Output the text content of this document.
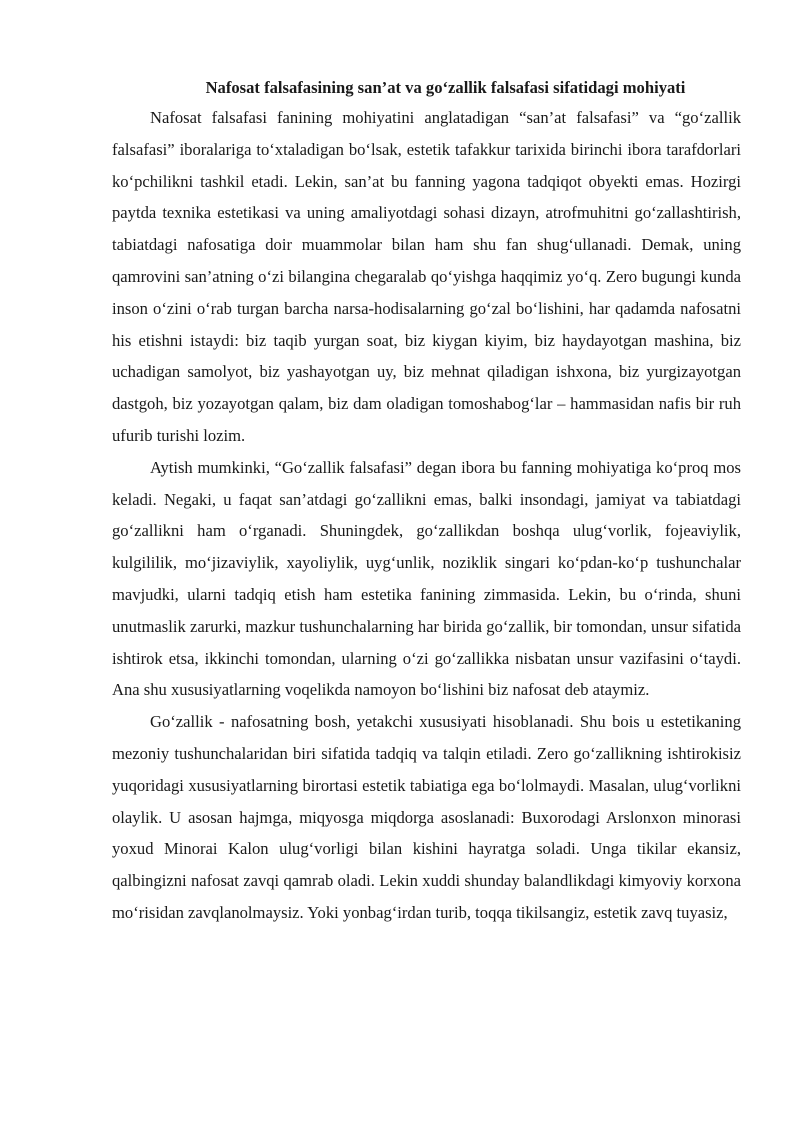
Nafosat falsafasining san’at va go‘zallik falsafasi sifatidagi mohiyati

Nafosat falsafasi fanining mohiyatini anglatadigan “san’at falsafasi” va “go‘zallik falsafasi” iboralariga to‘xtaladigan bo‘lsak, estetik tafakkur tarixida birinchi ibora tarafdorlari ko‘pchilikni tashkil etadi. Lekin, san’at bu fanning yagona tadqiqot obyekti emas. Hozirgi paytda texnika estetikasi va uning amaliyotdagi sohasi dizayn, atrofmuhitni go‘zallashtirish, tabiatdagi nafosatiga doir muammolar bilan ham shu fan shug‘ullanadi. Demak, uning qamrovini san’atning o‘zi bilangina chegaralab qo‘yishga haqqimiz yo‘q. Zero bugungi kunda inson o‘zini o‘rab turgan barcha narsa-hodisalarning go‘zal bo‘lishini, har qadamda nafosatni his etishni istaydi: biz taqib yurgan soat, biz kiygan kiyim, biz haydayotgan mashina, biz uchadigan samolyot, biz yashayotgan uy, biz mehnat qiladigan ishxona, biz yurgizayotgan dastgoh, biz yozayotgan qalam, biz dam oladigan tomoshabog‘lar – hammasidan nafis bir ruh ufurib turishi lozim.

Aytish mumkinki, “Go‘zallik falsafasi” degan ibora bu fanning mohiyatiga ko‘proq mos keladi. Negaki, u faqat san’atdagi go‘zallikni emas, balki insondagi, jamiyat va tabiatdagi go‘zallikni ham o‘rganadi. Shuningdek, go‘zallikdan boshqa ulug‘vorlik, fojeaviylik, kulgililik, mo‘jizaviylik, xayoliylik, uyg‘unlik, noziklik singari ko‘pdan-ko‘p tushunchalar mavjudki, ularni tadqiq etish ham estetika fanining zimmasida. Lekin, bu o‘rinda, shuni unutmaslik zarurki, mazkur tushunchalarning har birida go‘zallik, bir tomondan, unsur sifatida ishtirok etsa, ikkinchi tomondan, ularning o‘zi go‘zallikka nisbatan unsur vazifasini o‘taydi. Ana shu xususiyatlarning voqelikda namoyon bo‘lishini biz nafosat deb ataymiz.

Go‘zallik - nafosatning bosh, yetakchi xususiyati hisoblanadi. Shu bois u estetikaning mezoniy tushunchalaridan biri sifatida tadqiq va talqin etiladi. Zero go‘zallikning ishtirokisiz yuqoridagi xususiyatlarning birortasi estetik tabiatiga ega bo‘lolmaydi. Masalan, ulug‘vorlikni olaylik. U asosan hajmga, miqyosga miqdorga asoslanadi: Buxorodagi Arslonxon minorasi yoxud Minorai Kalon ulug‘vorligi bilan kishini hayratga soladi. Unga tikilar ekansiz, qalbingizni nafosat zavqi qamrab oladi. Lekin xuddi shunday balandlikdagi kimyoviy korxona mo‘risidan zavqlanolmaysiz. Yoki yonbag‘irdan turib, toqqa tikilsangiz, estetik zavq tuyasiz,
